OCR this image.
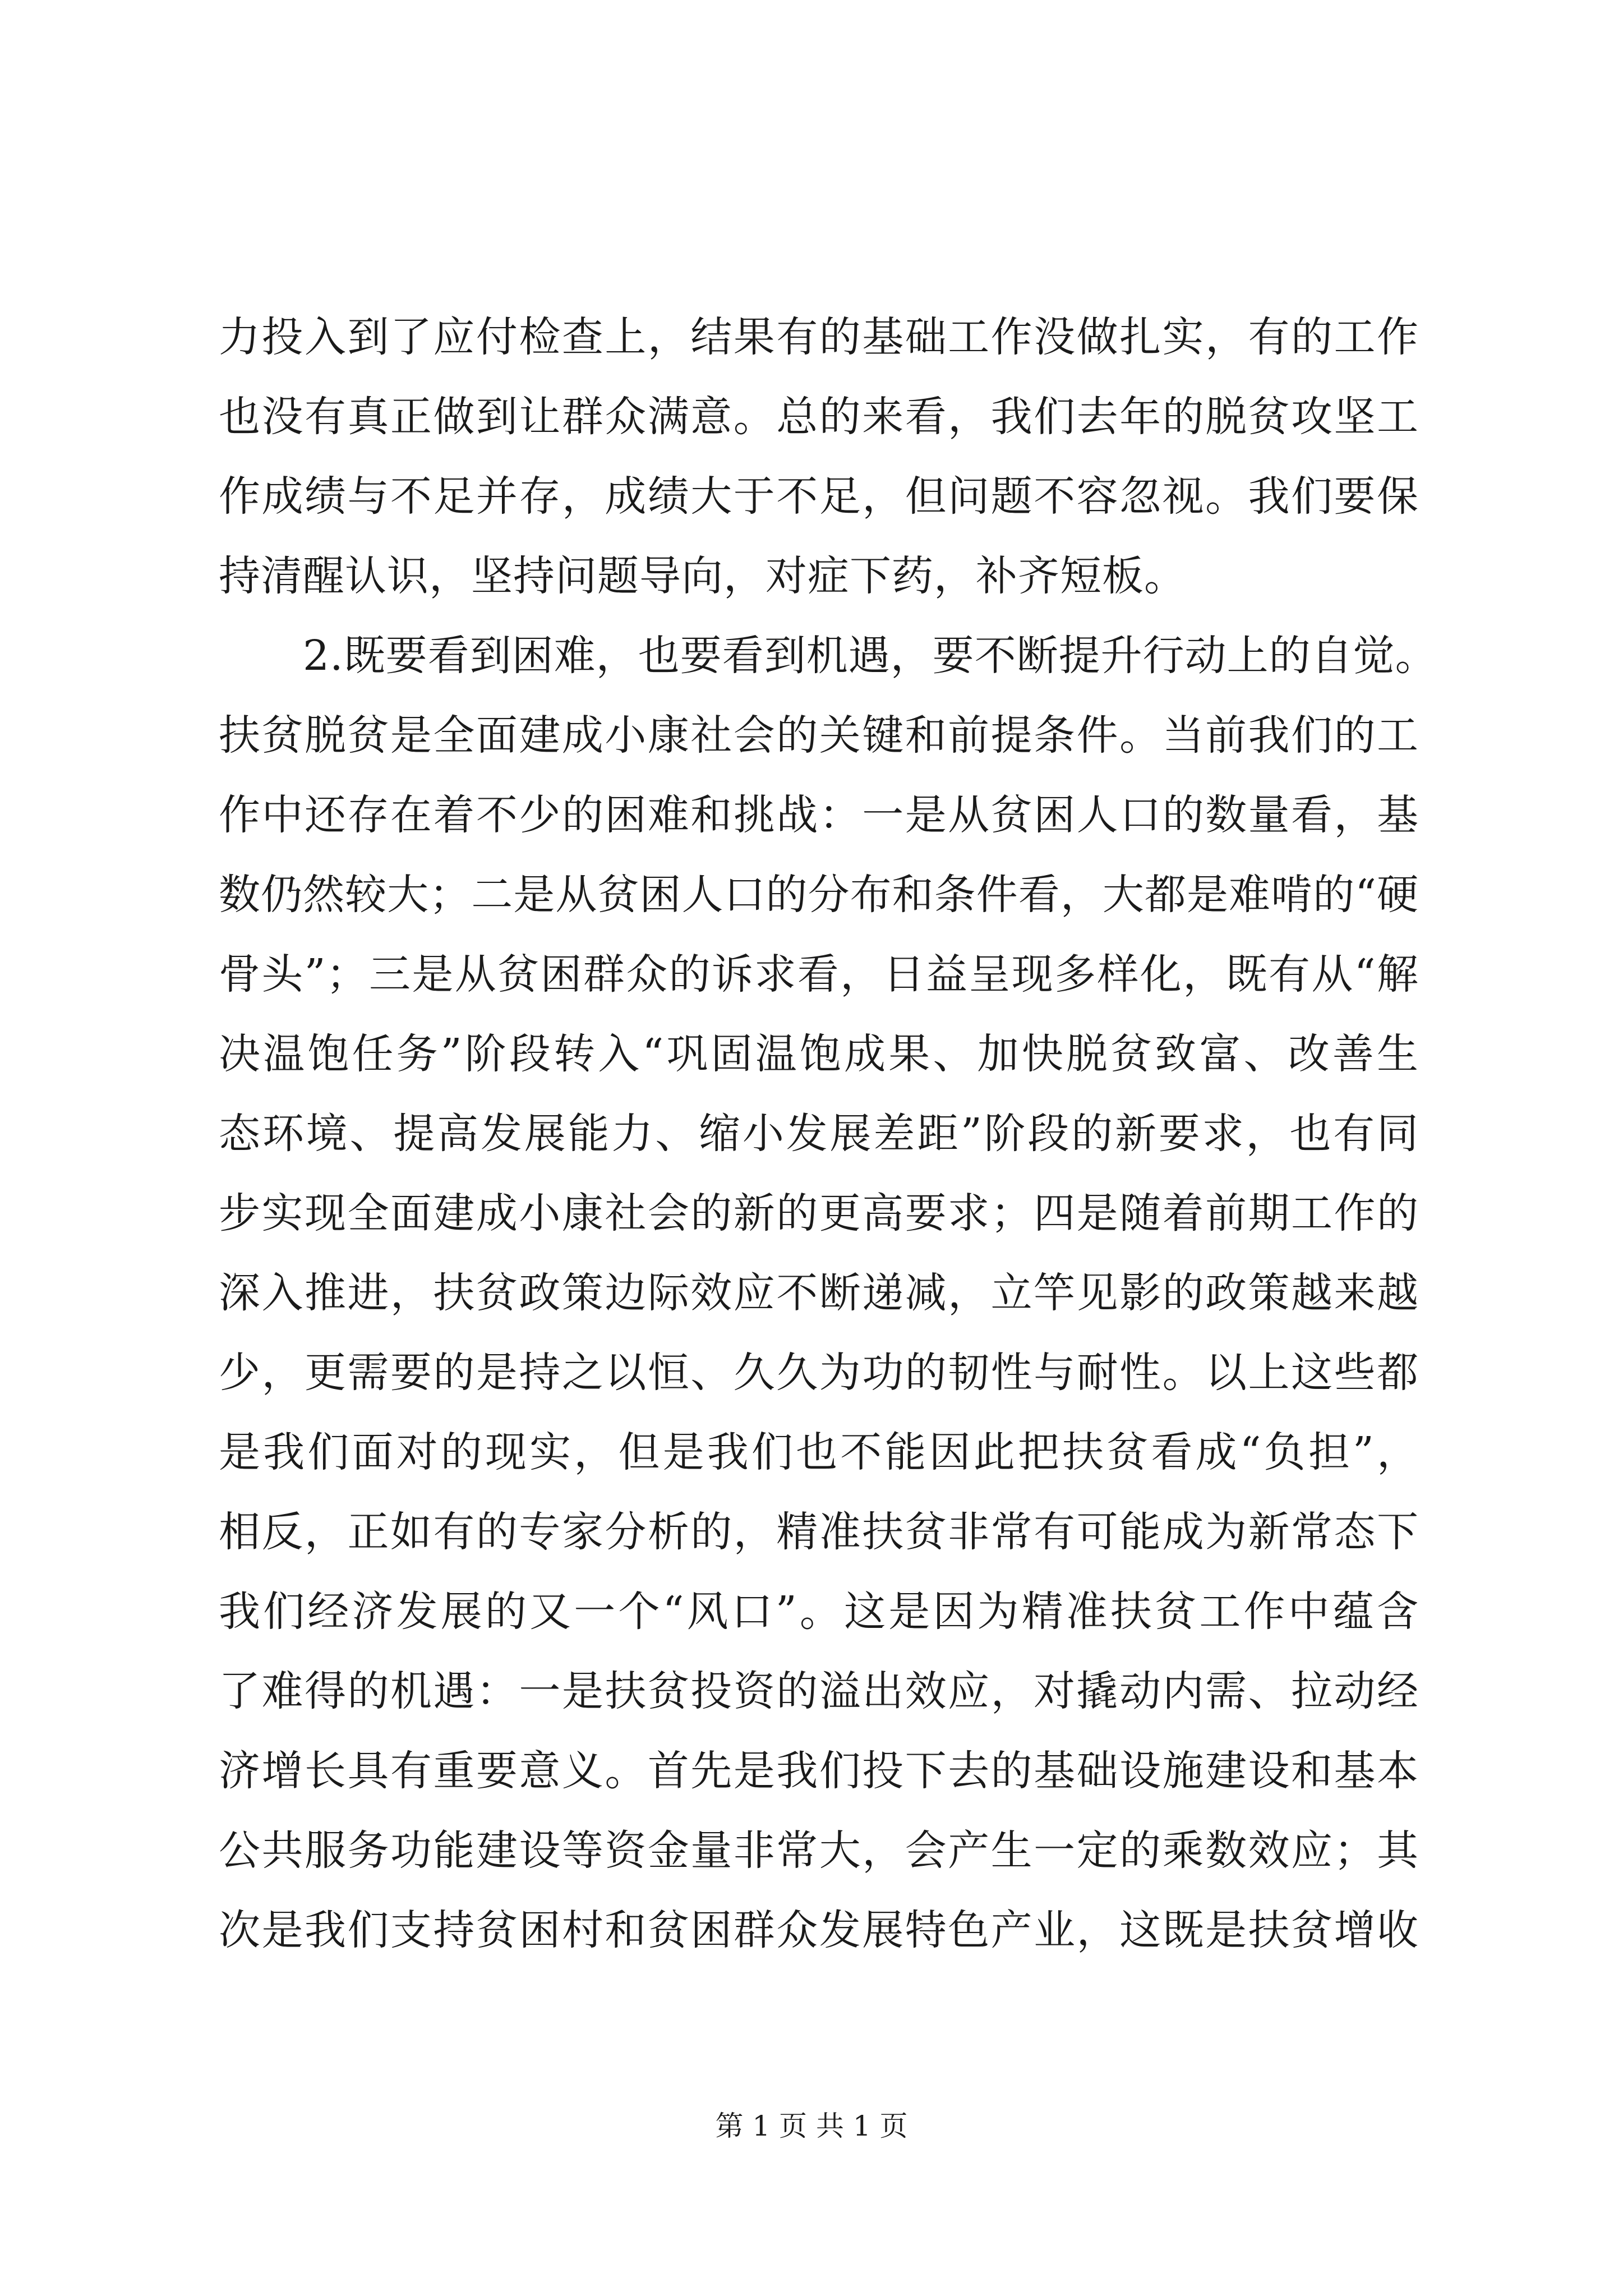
力投入到了应付检查上，结果有的基础工作没做扎实，有的工作
也没有真正做到让群众满意。总的来看，我们去年的脱贫攻坚工
作成绩与不足并存，成绩大于不足，但问题不容忽视。我们要保
持清醒认识，坚持问题导向，对症下药，补齐短板。
2.既要看到困难，也要看到机遇，要不断提升行动上的自觉。
扶贫脱贫是全面建成小康社会的关键和前提条件。当前我们的工
作中还存在着不少的困难和挑战：一是从贫困人口的数量看，基
数仍然较大；二是从贫困人口的分布和条件看，大都是难啃的“硬
骨头”；三是从贫困群众的诉求看，日益呈现多样化，既有从“解
决温饱任务”阶段转入“巩固温饱成果、加快脱贫致富、改善生
态环境、提高发展能力、缩小发展差距”阶段的新要求，也有同
步实现全面建成小康社会的新的更高要求；四是随着前期工作的
深入推进，扶贫政策边际效应不断递减，立竿见影的政策越来越
少，更需要的是持之以恒、久久为功的韧性与耐性。以上这些都
是我们面对的现实，但是我们也不能因此把扶贫看成“负担”，
相反，正如有的专家分析的，精准扶贫非常有可能成为新常态下
我们经济发展的又一个“风口”。这是因为精准扶贫工作中蕴含
了难得的机遇：一是扶贫投资的溢出效应，对撬动内需、拉动经
济增长具有重要意义。首先是我们投下去的基础设施建设和基本
公共服务功能建设等资金量非常大，会产生一定的乘数效应；其
次是我们支持贫困村和贫困群众发展特色产业，这既是扶贫增收
第 1 页 共 1 页
